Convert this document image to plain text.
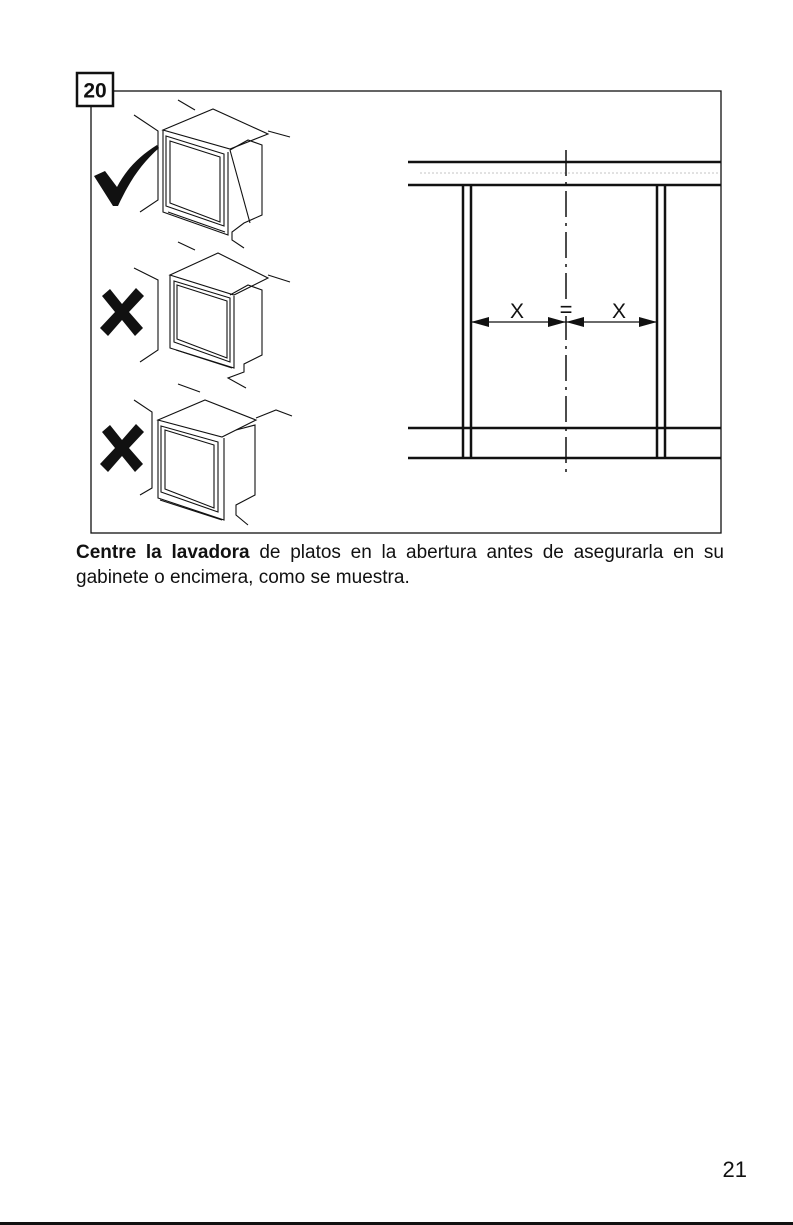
20
=
X	X

Centre la lavadora de platos en la abertura antes de asegurarla en su gabinete o encimera, como se muestra.

21
